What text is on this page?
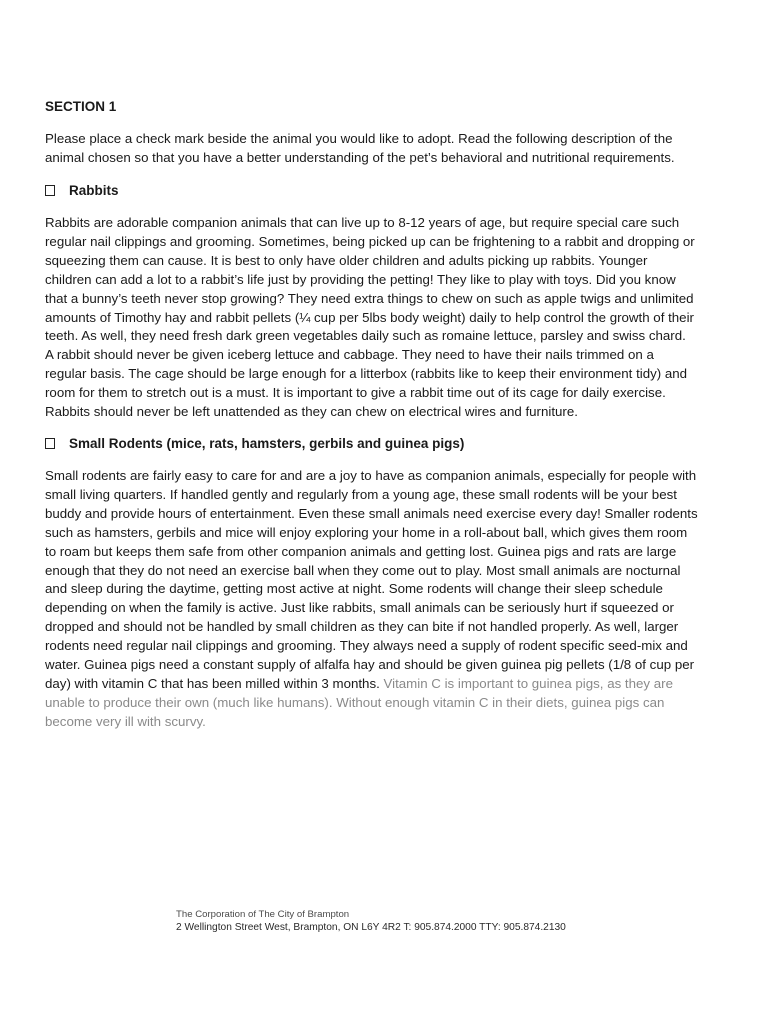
SECTION 1
Please place a check mark beside the animal you would like to adopt. Read the following description of the
animal chosen so that you have a better understanding of the pet’s behavioral and nutritional requirements.
Rabbits
Rabbits are adorable companion animals that can live up to 8-12 years of age, but require special care such
regular nail clippings and grooming. Sometimes, being picked up can be frightening to a rabbit and dropping or
squeezing them can cause. It is best to only have older children and adults picking up rabbits. Younger
children can add a lot to a rabbit’s life just by providing the petting! They like to play with toys. Did you know
that a bunny’s teeth never stop growing? They need extra things to chew on such as apple twigs and unlimited
amounts of Timothy hay and rabbit pellets (¼ cup per 5lbs body weight) daily to help control the growth of their
teeth. As well, they need fresh dark green vegetables daily such as romaine lettuce, parsley and swiss chard.
A rabbit should never be given iceberg lettuce and cabbage. They need to have their nails trimmed on a
regular basis. The cage should be large enough for a litterbox (rabbits like to keep their environment tidy) and
room for them to stretch out is a must. It is important to give a rabbit time out of its cage for daily exercise.
Rabbits should never be left unattended as they can chew on electrical wires and furniture.
Small Rodents (mice, rats, hamsters, gerbils and guinea pigs)
Small rodents are fairly easy to care for and are a joy to have as companion animals, especially for people with
small living quarters. If handled gently and regularly from a young age, these small rodents will be your best
buddy and provide hours of entertainment. Even these small animals need exercise every day! Smaller rodents
such as hamsters, gerbils and mice will enjoy exploring your home in a roll-about ball, which gives them room
to roam but keeps them safe from other companion animals and getting lost. Guinea pigs and rats are large
enough that they do not need an exercise ball when they come out to play. Most small animals are nocturnal
and sleep during the daytime, getting most active at night. Some rodents will change their sleep schedule
depending on when the family is active. Just like rabbits, small animals can be seriously hurt if squeezed or
dropped and should not be handled by small children as they can bite if not handled properly. As well, larger
rodents need regular nail clippings and grooming. They always need a supply of rodent specific seed-mix and
water. Guinea pigs need a constant supply of alfalfa hay and should be given guinea pig pellets (1/8 of cup per
day) with vitamin C that has been milled within 3 months. Vitamin C is important to guinea pigs, as they are
unable to produce their own (much like humans). Without enough vitamin C in their diets, guinea pigs can
become very ill with scurvy.
The Corporation of The City of Brampton
2 Wellington Street West, Brampton, ON L6Y 4R2 T: 905.874.2000 TTY: 905.874.2130
